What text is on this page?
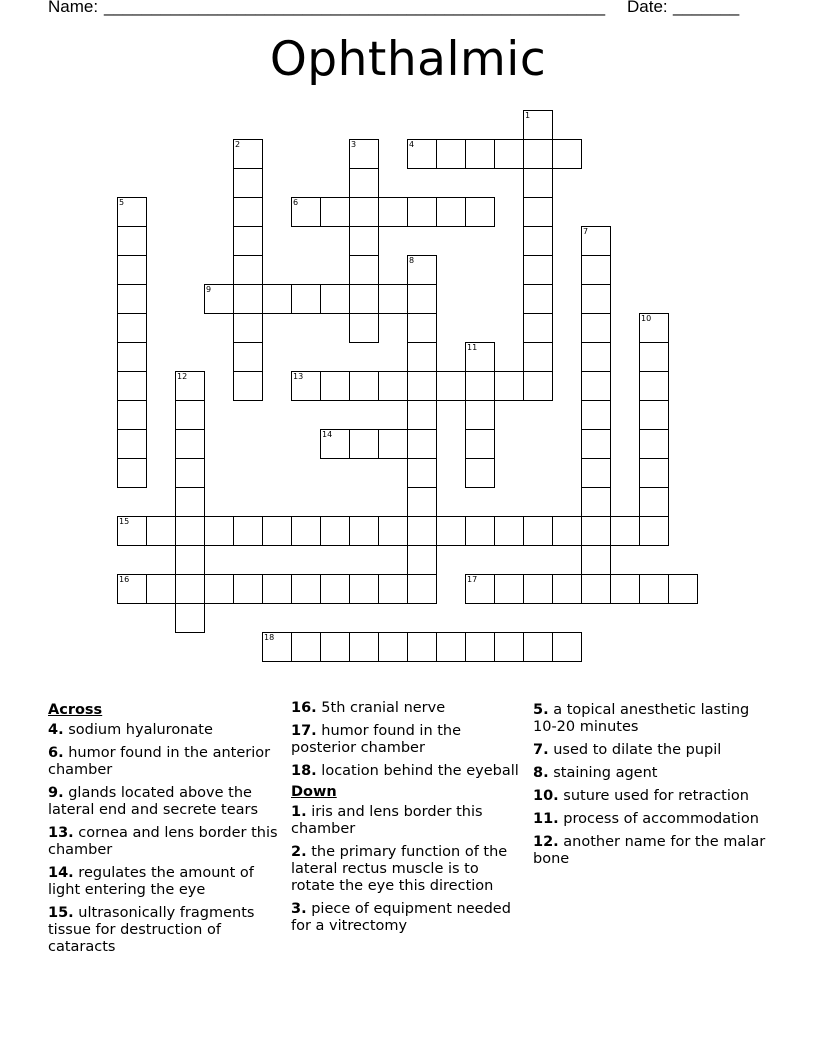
Name: _____________________________________________________ Date: _______
Ophthalmic
1
2	3	4
5	6
7
8
9
10
11
12	13
14
15
16	17
18
Across
4. sodium hyaluronate
6. humor found in the anterior chamber
9. glands located above the lateral end and secrete tears
13. cornea and lens border this chamber
14. regulates the amount of light entering the eye
15. ultrasonically fragments tissue for destruction of cataracts
16. 5th cranial nerve
17. humor found in the posterior chamber
18. location behind the eyeball
Down
1. iris and lens border this chamber
2. the primary function of the lateral rectus muscle is to rotate the eye this direction
3. piece of equipment needed for a vitrectomy
5. a topical anesthetic lasting 10-20 minutes
7. used to dilate the pupil
8. staining agent
10. suture used for retraction
11. process of accommodation
12. another name for the malar bone
